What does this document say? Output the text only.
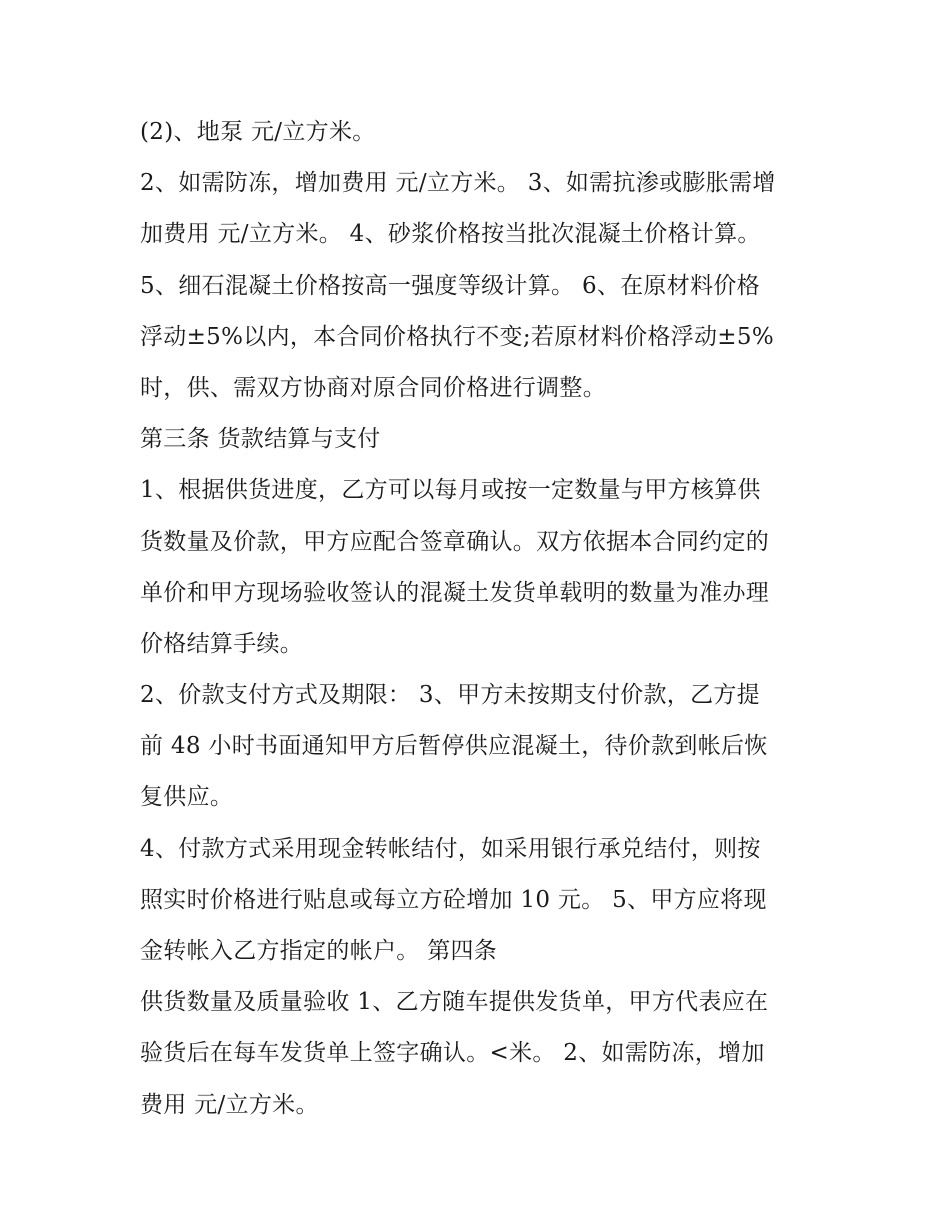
(2)、地泵 元/立方米。
2、如需防冻，增加费用 元/立方米。 3、如需抗渗或膨胀需增
加费用 元/立方米。 4、砂浆价格按当批次混凝土价格计算。
5、细石混凝土价格按高一强度等级计算。 6、在原材料价格
浮动±5%以内，本合同价格执行不变;若原材料价格浮动±5%
时，供、需双方协商对原合同价格进行调整。
第三条 货款结算与支付
1、根据供货进度，乙方可以每月或按一定数量与甲方核算供
货数量及价款，甲方应配合签章确认。双方依据本合同约定的
单价和甲方现场验收签认的混凝土发货单载明的数量为准办理
价格结算手续。
2、价款支付方式及期限： 3、甲方未按期支付价款，乙方提
前 48 小时书面通知甲方后暂停供应混凝土，待价款到帐后恢
复供应。
4、付款方式采用现金转帐结付，如采用银行承兑结付，则按
照实时价格进行贴息或每立方砼增加 10 元。 5、甲方应将现
金转帐入乙方指定的帐户。 第四条
供货数量及质量验收 1、乙方随车提供发货单，甲方代表应在
验货后在每车发货单上签字确认。<米。 2、如需防冻，增加
费用 元/立方米。
